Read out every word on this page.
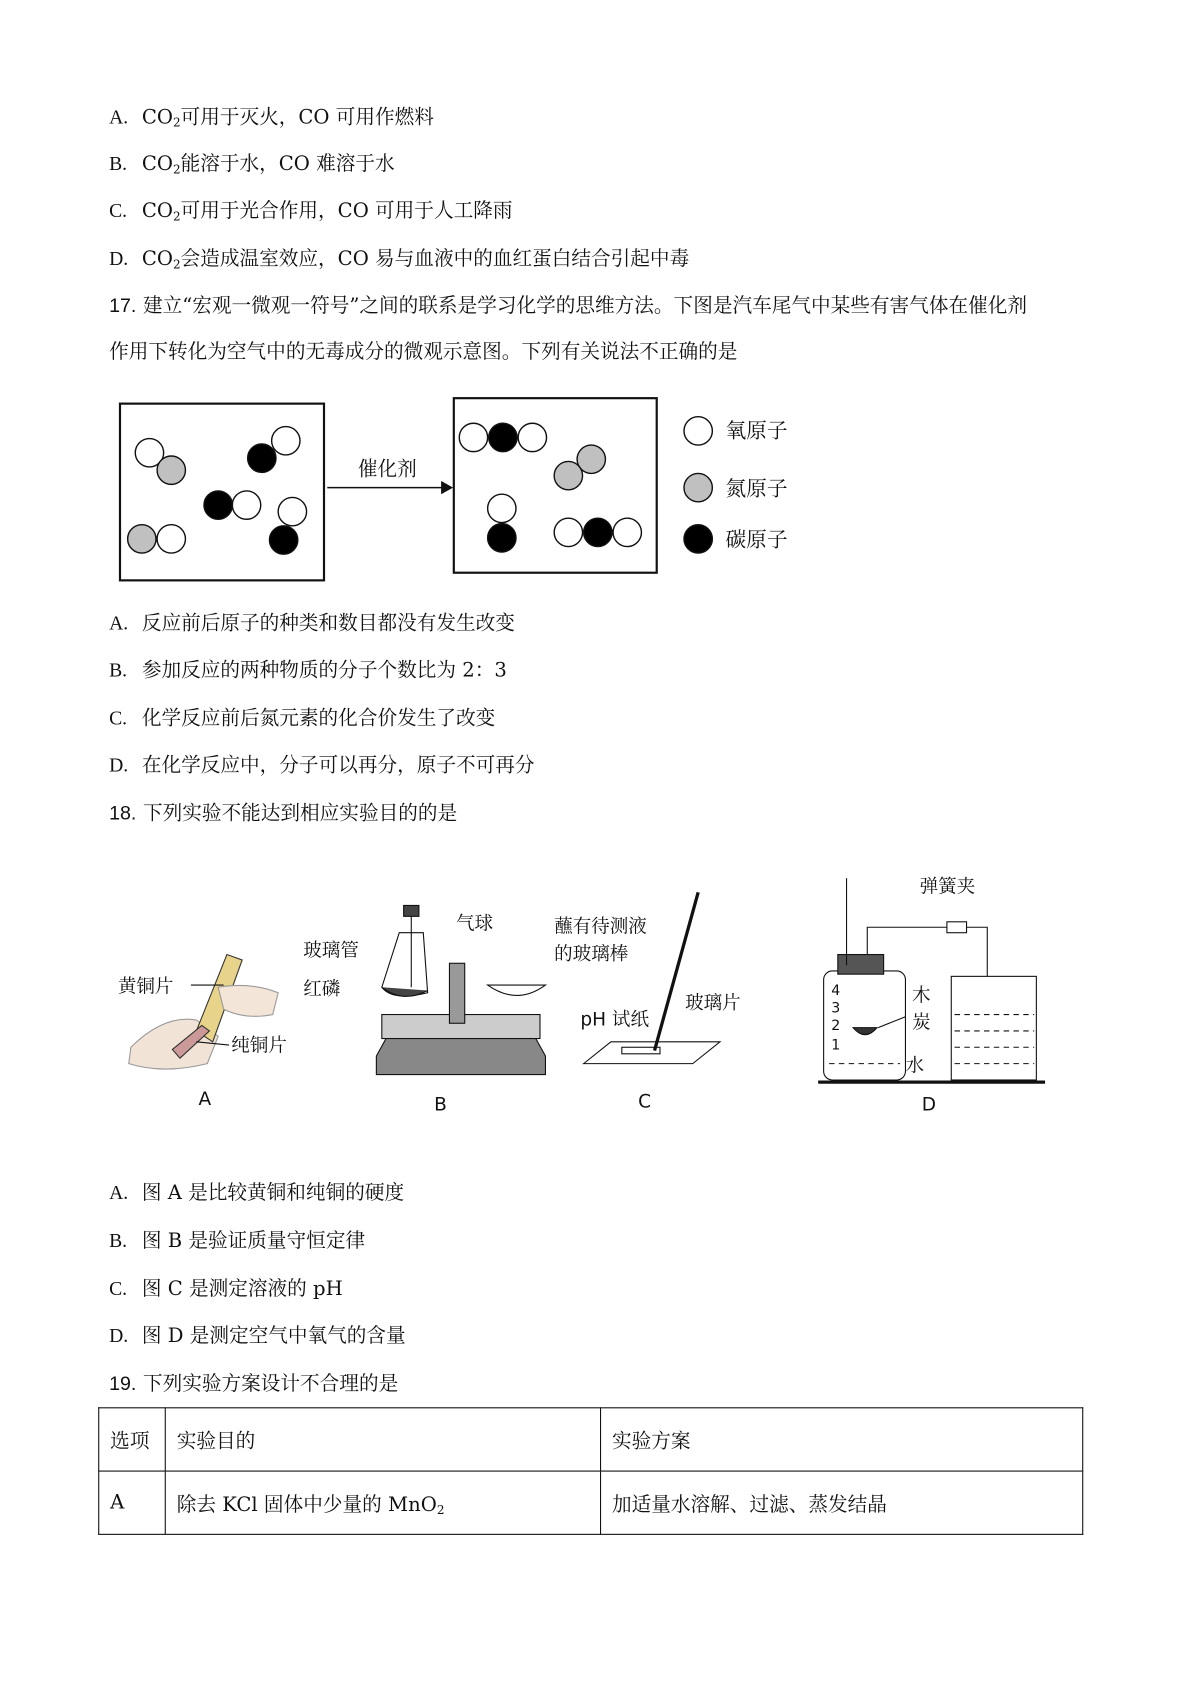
A. $CO_2$可用于灭火，CO 可用作燃料
B. $CO_2$能溶于水，CO 难溶于水
C. $CO_2$可用于光合作用，CO 可用于人工降雨
D. $CO_2$会造成温室效应，CO 易与血液中的血红蛋白结合引起中毒
17. 建立“宏观一微观一符号”之间的联系是学习化学的思维方法。下图是汽车尾气中某些有害气体在催化剂
作用下转化为空气中的无毒成分的微观示意图。下列有关说法不正确的是
催化剂
氧原子
氮原子
碳原子
黄铜片
纯铜片
A
气球
玻璃管
红磷
B
蘸有待测液
的玻璃棒
pH 试纸
玻璃片
C
弹簧夹
木
炭
水
4
3
2
1
D
A. 反应前后原子的种类和数目都没有发生改变
B. 参加反应的两种物质的分子个数比为 2：3
C. 化学反应前后氮元素的化合价发生了改变
D. 在化学反应中，分子可以再分，原子不可再分
18. 下列实验不能达到相应实验目的的是
A. 图 A 是比较黄铜和纯铜的硬度
B. 图 B 是验证质量守恒定律
C. 图 C 是测定溶液的 pH
D. 图 D 是测定空气中氧气的含量
19. 下列实验方案设计不合理的是
选项	实验目的	实验方案
A	除去 KCl 固体中少量的 MnO$_2$	加适量水溶解、过滤、蒸发结晶
